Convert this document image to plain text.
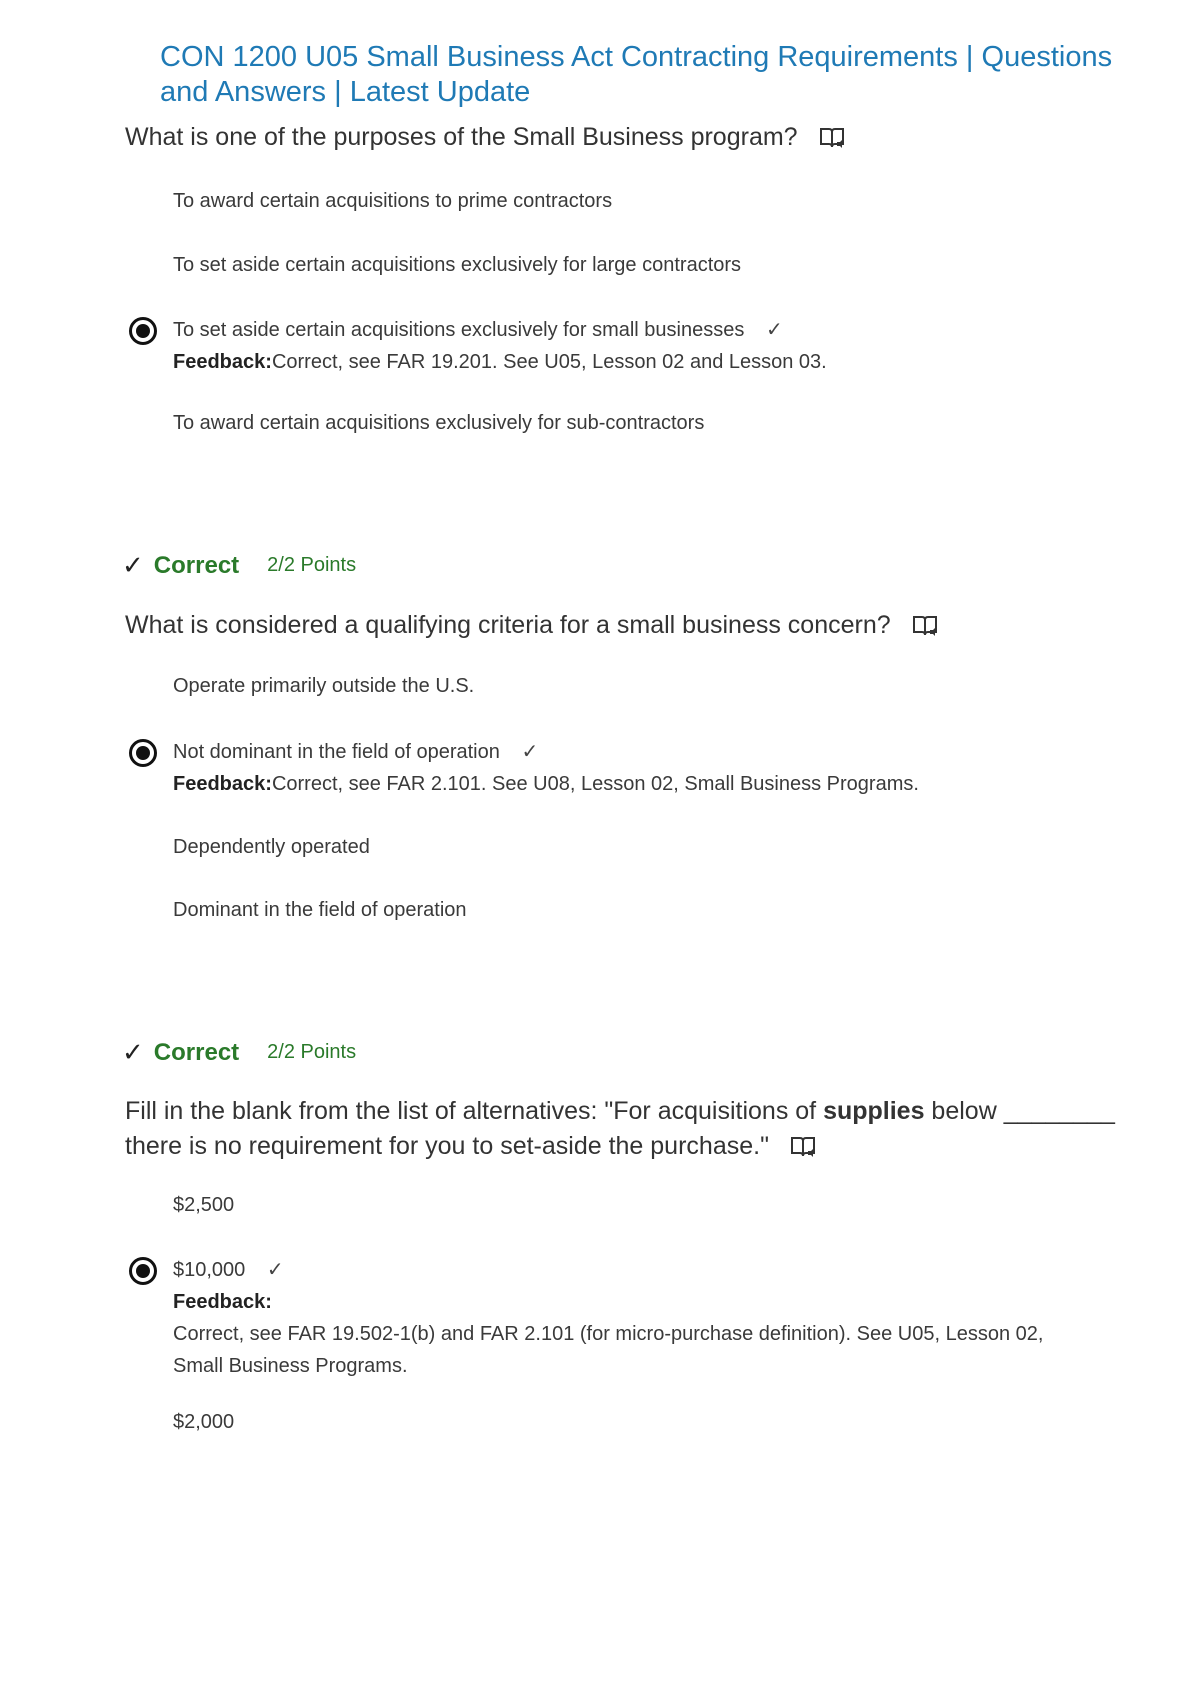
CON 1200 U05 Small Business Act Contracting Requirements | Questions and Answers | Latest Update
What is one of the purposes of the Small Business program?
To award certain acquisitions to prime contractors
To set aside certain acquisitions exclusively for large contractors
To set aside certain acquisitions exclusively for small businesses ✓
Feedback:Correct, see FAR 19.201. See U05, Lesson 02 and Lesson 03.
To award certain acquisitions exclusively for sub-contractors
✓ Correct 2/2 Points
What is considered a qualifying criteria for a small business concern?
Operate primarily outside the U.S.
Not dominant in the field of operation ✓
Feedback:Correct, see FAR 2.101. See U08, Lesson 02, Small Business Programs.
Dependently operated
Dominant in the field of operation
✓ Correct 2/2 Points
Fill in the blank from the list of alternatives: "For acquisitions of supplies below ________ there is no requirement for you to set-aside the purchase."
$2,500
$10,000 ✓
Feedback:
Correct, see FAR 19.502-1(b) and FAR 2.101 (for micro-purchase definition). See U05, Lesson 02, Small Business Programs.
$2,000
